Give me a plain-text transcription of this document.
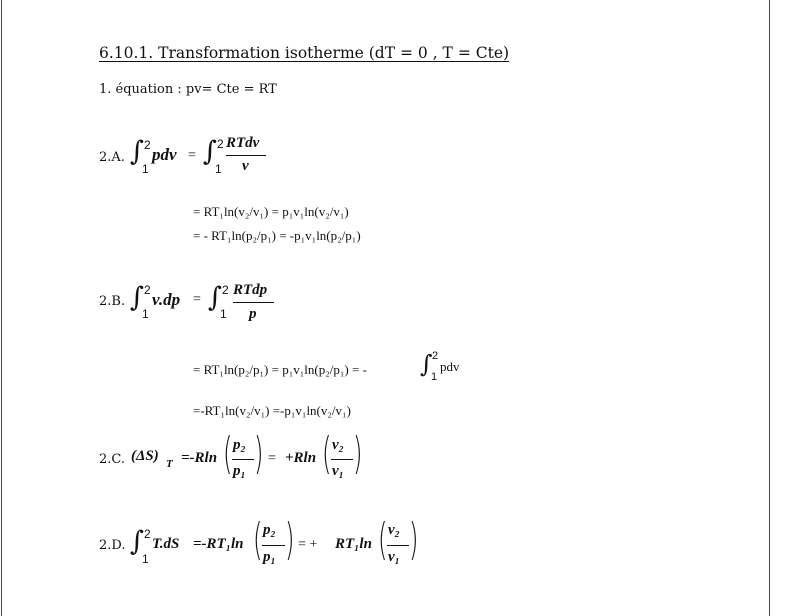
6.10.1. Transformation isotherme (dT = 0 , T = Cte)
1. équation : pv= Cte = RT
2.A. ∫ 2
1
pdv = ∫ 2
1
RTdv
v
= RT₁ln(v₂/v₁) = p₁v₁ln(v₂/v₁)
= - RT₁ln(p₂/p₁) = -p₁v₁ln(p₂/p₁)
2.B. ∫ 2
1
v.dp = ∫ 2
1
RTdp
p
= RT₁ln(p₂/p₁) = p₁v₁ln(p₂/p₁) = - ∫ 2
1
pdv
=-RT₁ln(v₂/v₁) =-p₁v₁ln(v₂/v₁)
2.C. (ΔS) T =-Rln ( p₂
p₁ ) = +Rln ( v₂
v₁ )
2.D. ∫ 2
1
T.dS =-RT₁ln ( p₂
p₁ ) = + RT₁ln ( v₂
v₁ )
